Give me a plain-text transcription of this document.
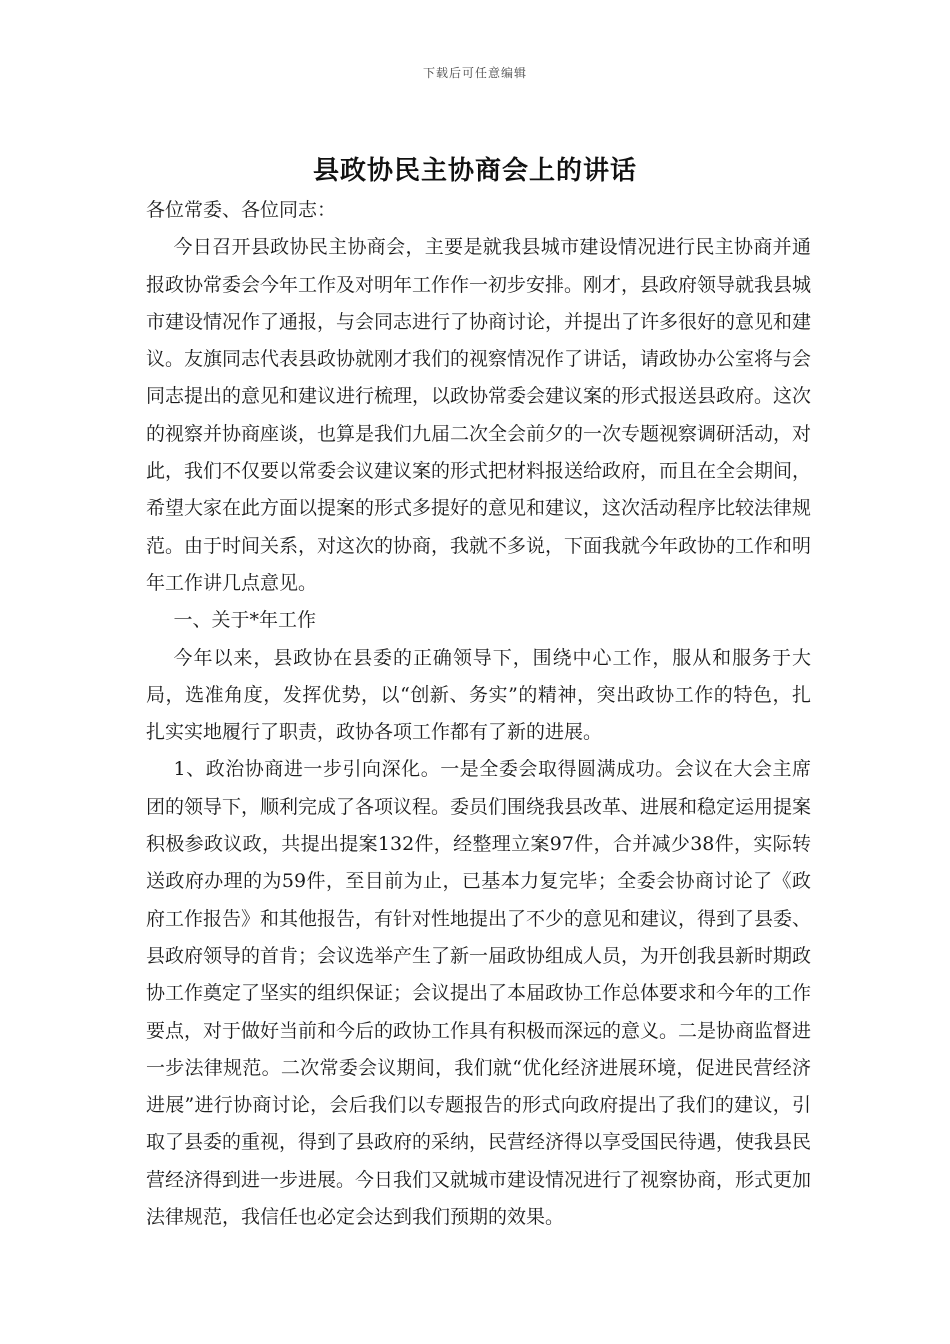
下载后可任意编辑
县政协民主协商会上的讲话

各位常委、各位同志：

今日召开县政协民主协商会，主要是就我县城市建设情况进行民主协商并通报政协常委会今年工作及对明年工作作一初步安排。刚才，县政府领导就我县城市建设情况作了通报，与会同志进行了协商讨论，并提出了许多很好的意见和建议。友旗同志代表县政协就刚才我们的视察情况作了讲话，请政协办公室将与会同志提出的意见和建议进行梳理，以政协常委会建议案的形式报送县政府。这次的视察并协商座谈，也算是我们九届二次全会前夕的一次专题视察调研活动，对此，我们不仅要以常委会议建议案的形式把材料报送给政府，而且在全会期间，希望大家在此方面以提案的形式多提好的意见和建议，这次活动程序比较法律规范。由于时间关系，对这次的协商，我就不多说，下面我就今年政协的工作和明年工作讲几点意见。

一、关于*年工作

今年以来，县政协在县委的正确领导下，围绕中心工作，服从和服务于大局，选准角度，发挥优势，以“创新、务实”的精神，突出政协工作的特色，扎扎实实地履行了职责，政协各项工作都有了新的进展。

1、政治协商进一步引向深化。一是全委会取得圆满成功。会议在大会主席团的领导下，顺利完成了各项议程。委员们围绕我县改革、进展和稳定运用提案积极参政议政，共提出提案132件，经整理立案97件，合并减少38件，实际转送政府办理的为59件，至目前为止，已基本力复完毕；全委会协商讨论了《政府工作报告》和其他报告，有针对性地提出了不少的意见和建议，得到了县委、县政府领导的首肯；会议选举产生了新一届政协组成人员，为开创我县新时期政协工作奠定了坚实的组织保证；会议提出了本届政协工作总体要求和今年的工作要点，对于做好当前和今后的政协工作具有积极而深远的意义。二是协商监督进一步法律规范。二次常委会议期间，我们就“优化经济进展环境，促进民营经济进展”进行协商讨论，会后我们以专题报告的形式向政府提出了我们的建议，引取了县委的重视，得到了县政府的采纳，民营经济得以享受国民待遇，使我县民营经济得到进一步进展。今日我们又就城市建设情况进行了视察协商，形式更加法律规范，我信任也必定会达到我们预期的效果。
